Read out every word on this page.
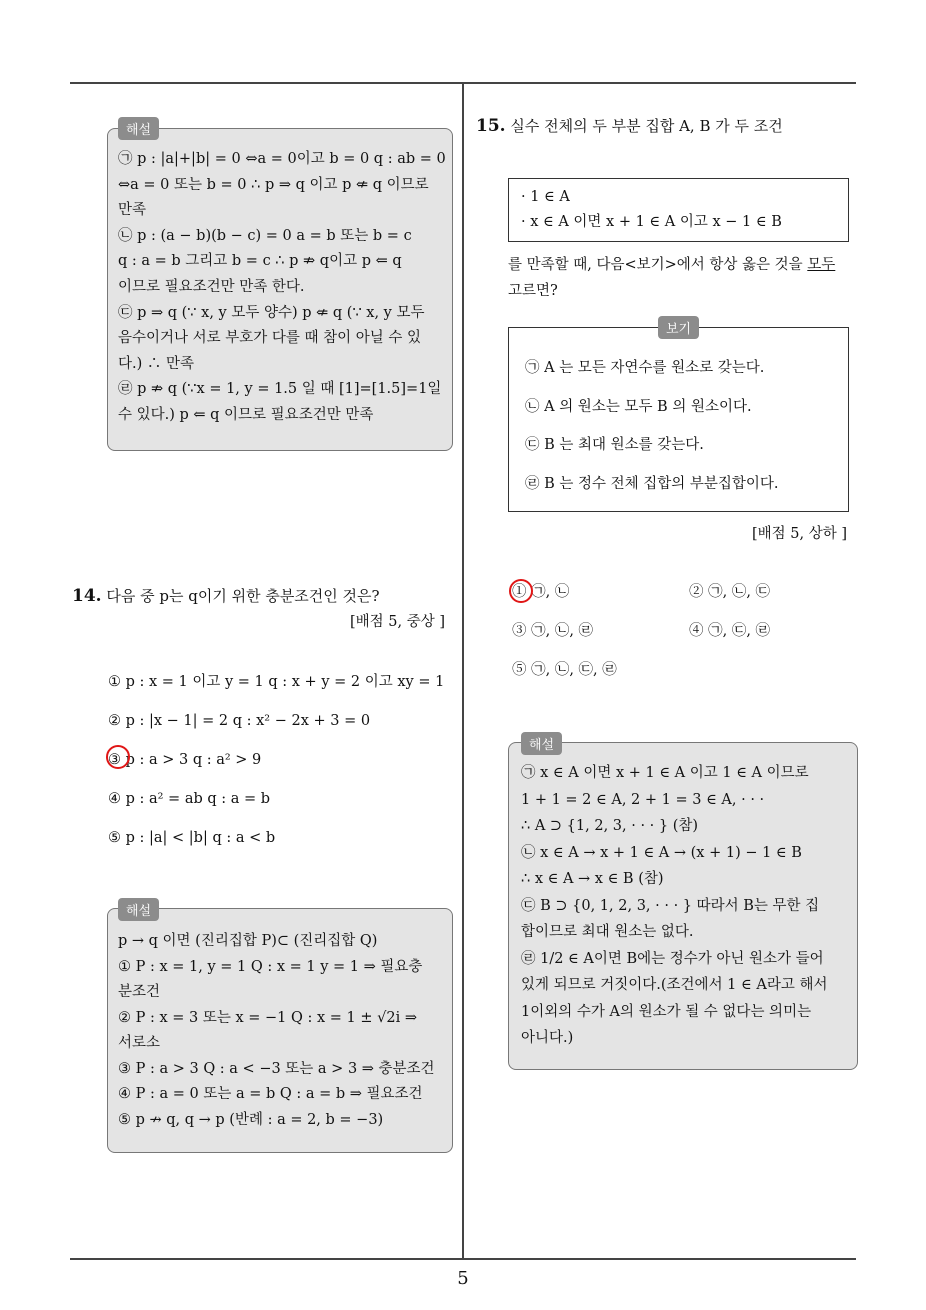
㉠ p : |a|+|b| = 0 ⇔a = 0이고 b = 0 q : ab = 0
⇔a = 0 또는 b = 0 ∴ p ⇒ q 이고 p ⇍ q 이므로
만족
㉡ p : (a − b)(b − c) = 0 a = b 또는 b = c
q : a = b 그리고 b = c ∴ p ⇏ q이고 p ⇐ q
이므로 필요조건만 만족 한다.
㉢ p ⇒ q (∵ x, y 모두 양수) p ⇍ q (∵ x, y 모두
음수이거나 서로 부호가 다를 때 참이 아닐 수 있
다.) ∴ 만족
㉣ p ⇏ q (∵x = 1, y = 1.5 일 때 [1]=[1.5]=1일
수 있다.) p ⇐ q 이므로 필요조건만 만족
해설
14. 다음 중 p는 q이기 위한 충분조건인 것은?
[배점 5, 중상 ]
① p : x = 1 이고 y = 1 q : x + y = 2 이고 xy = 1
② p : |x − 1| = 2 q : x² − 2x + 3 = 0
③ p : a > 3 q : a² > 9
④ p : a² = ab q : a = b
⑤ p : |a| < |b| q : a < b
p → q 이면 (진리집합 P)⊂ (진리집합 Q)
① P : x = 1, y = 1 Q : x = 1 y = 1 ⇒ 필요충
분조건
② P : x = 3 또는 x = −1 Q : x = 1 ± √2i ⇒
서로소
③ P : a > 3 Q : a < −3 또는 a > 3 ⇒ 충분조건
④ P : a = 0 또는 a = b Q : a = b ⇒ 필요조건
⑤ p ↛ q, q → p (반례 : a = 2, b = −3)
해설
15. 실수 전체의 두 부분 집합 A, B 가 두 조건
· 1 ∈ A
· x ∈ A 이면 x + 1 ∈ A 이고 x − 1 ∈ B
를 만족할 때, 다음<보기>에서 항상 옳은 것을 모두
고르면?
㉠ A 는 모든 자연수를 원소로 갖는다.
㉡ A 의 원소는 모두 B 의 원소이다.
㉢ B 는 최대 원소를 갖는다.
㉣ B 는 정수 전체 집합의 부분집합이다.
보기
[배점 5, 상하 ]
① ㉠, ㉡	② ㉠, ㉡, ㉢
③ ㉠, ㉡, ㉣	④ ㉠, ㉢, ㉣
⑤ ㉠, ㉡, ㉢, ㉣
㉠ x ∈ A 이면 x + 1 ∈ A 이고 1 ∈ A 이므로
1 + 1 = 2 ∈ A, 2 + 1 = 3 ∈ A, · · ·
∴ A ⊃ {1, 2, 3, · · · } (참)
㉡ x ∈ A → x + 1 ∈ A → (x + 1) − 1 ∈ B
∴ x ∈ A → x ∈ B (참)
㉢ B ⊃ {0, 1, 2, 3, · · · } 따라서 B는 무한 집
합이므로 최대 원소는 없다.
㉣ 1/2 ∈ A이면 B에는 정수가 아닌 원소가 들어
있게 되므로 거짓이다.(조건에서 1 ∈ A라고 해서
1이외의 수가 A의 원소가 될 수 없다는 의미는
아니다.)
해설
5
